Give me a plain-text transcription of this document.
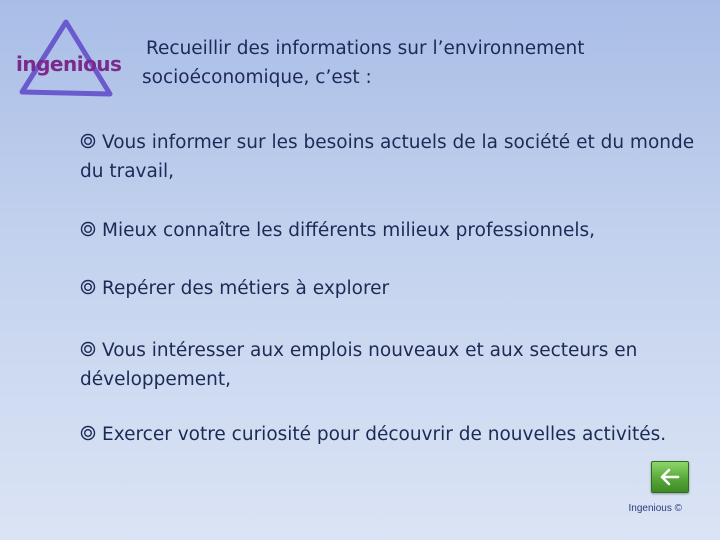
ingenious
Recueillir des informations sur l’environnement
socioéconomique, c’est :
Vous informer sur les besoins actuels de la société et du monde du travail,
Mieux connaître les différents milieux professionnels,
Repérer des métiers à explorer
Vous intéresser aux emplois nouveaux et aux secteurs en développement,
Exercer votre curiosité pour découvrir de nouvelles activités.
Ingenious ©
